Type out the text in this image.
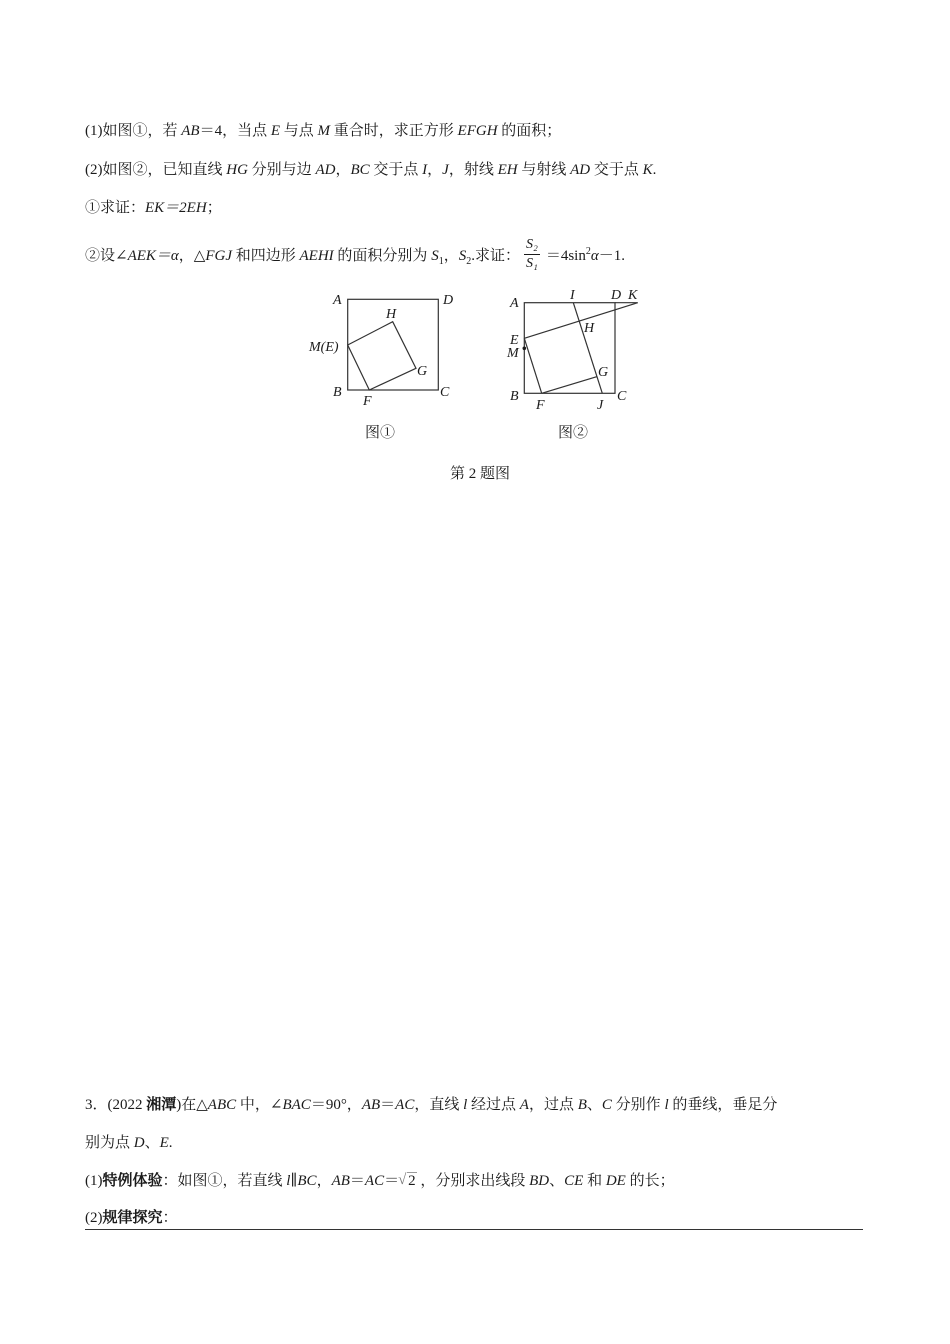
(1)如图①，若 AB＝4，当点 E 与点 M 重合时，求正方形 EFGH 的面积；
(2)如图②，已知直线 HG 分别与边 AD，BC 交于点 I，J，射线 EH 与射线 AD 交于点 K.
①求证：EK＝2EH；
②设∠AEK＝α，△FGJ 和四边形 AEHI 的面积分别为 $S_1$，$S_2$.求证： $\frac{\text{S₂}}{\text{S₁}} =4\sin^2\alpha-1$.
A	D
H
M(E)
G
B
F
C
图①
A
I	D K
H
E
M
G
B
F	J
C
图②
第 2 题图
3．(2022 湘潭)在△ABC 中，∠BAC＝90°，AB＝AC，直线 l 经过点 A，过点 B、C 分别作 l 的垂线，垂足分
别为点 D、E.
(1)特例体验：如图①，若直线 l∥BC，AB＝AC＝ √ 2 ，分别求出线段 BD、CE 和 DE 的长；
(2)规律探究：
